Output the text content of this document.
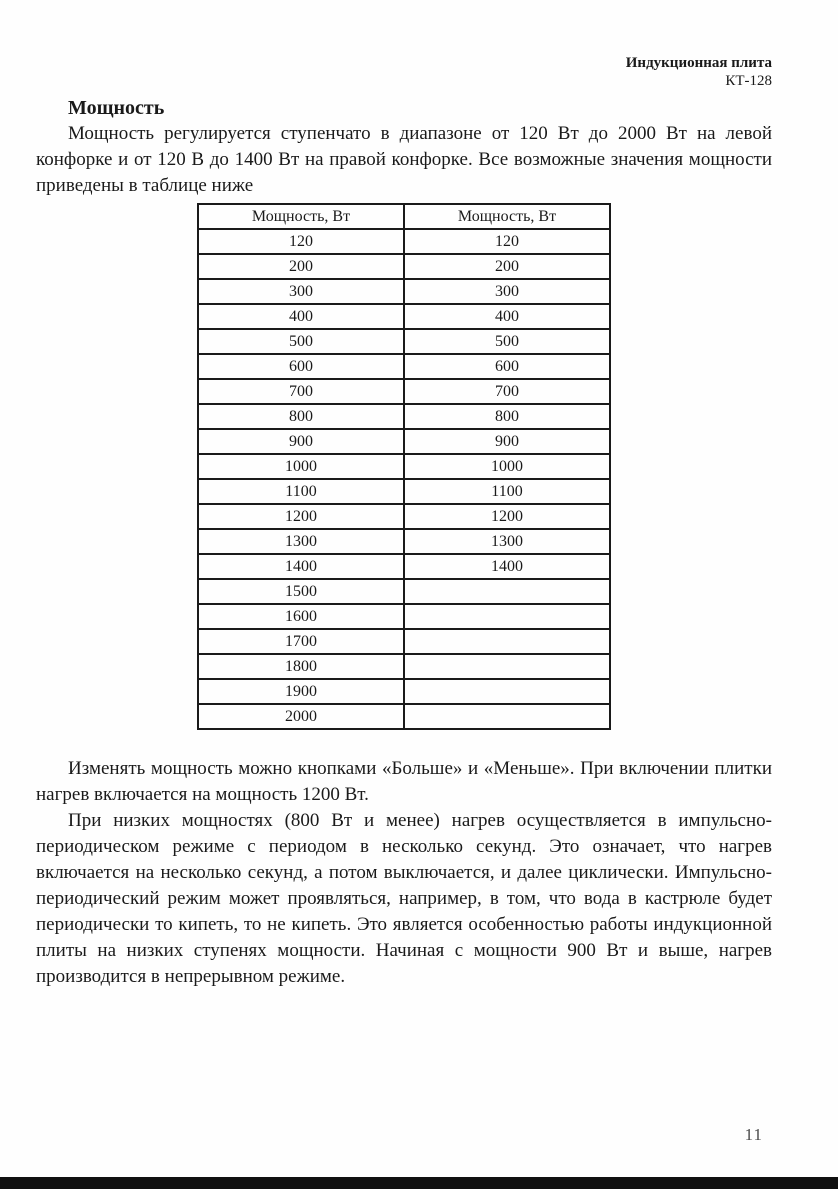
Индукционная плита
КТ-128
Мощность

Мощность регулируется ступенчато в диапазоне от 120 Вт до 2000 Вт на левой конфорке и от 120 В до 1400 Вт на правой конфорке. Все возможные значения мощности приведены в таблице ниже

Мощность, Вт	Мощность, Вт
120	120
200	200
300	300
400	400
500	500
600	600
700	700
800	800
900	900
1000	1000
1100	1100
1200	1200
1300	1300
1400	1400
1500	
1600	
1700	
1800	
1900	
2000	

Изменять мощность можно кнопками «Больше» и «Меньше». При включении плитки нагрев включается на мощность 1200 Вт.

При низких мощностях (800 Вт и менее) нагрев осуществляется в импульсно-периодическом режиме с периодом в несколько секунд. Это означает, что нагрев включается на несколько секунд, а потом выключается, и далее циклически. Импульсно-периодический режим может проявляться, например, в том, что вода в кастрюле будет периодически то кипеть, то не кипеть. Это является особенностью работы индукционной плиты на низких ступенях мощности. Начиная с мощности 900 Вт и выше, нагрев производится в непрерывном режиме.

11
